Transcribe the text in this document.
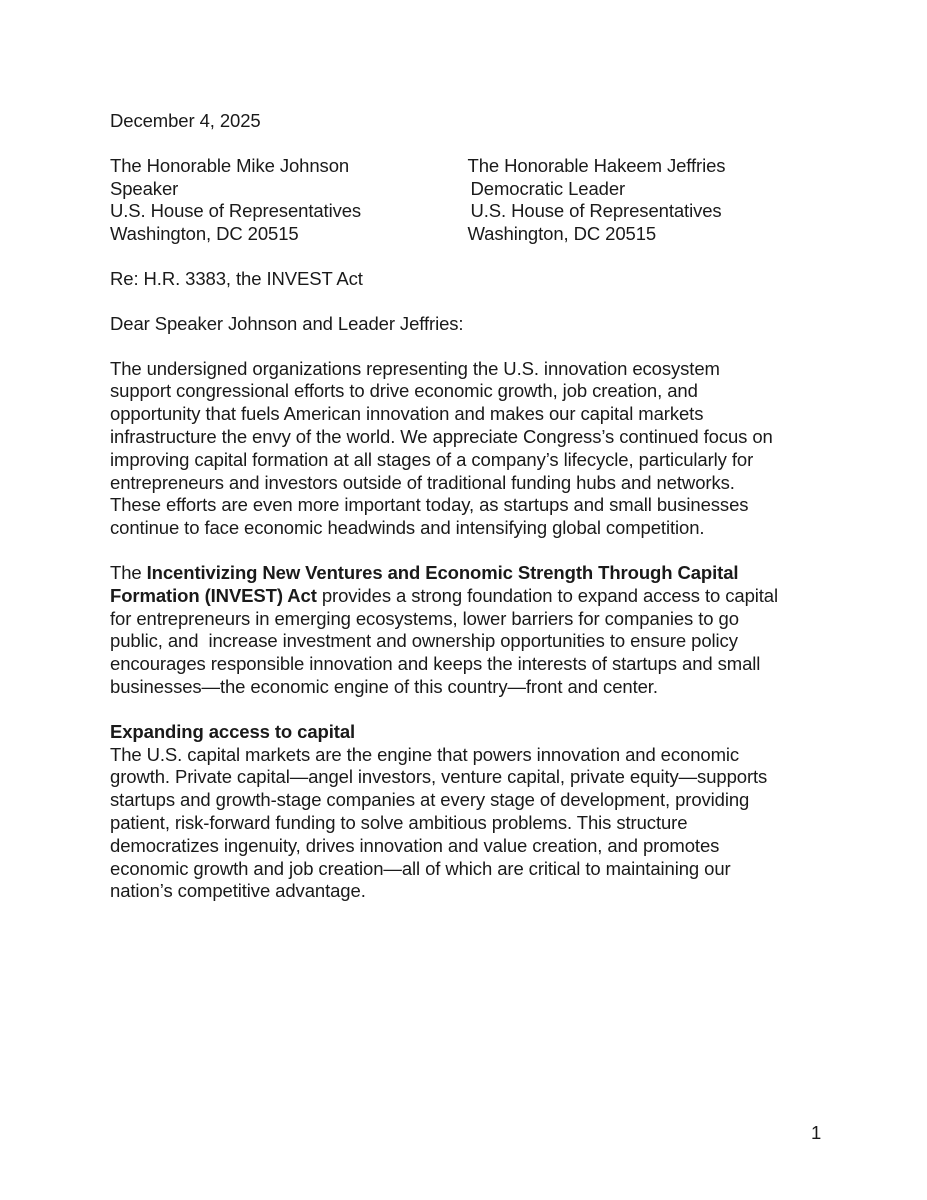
December 4, 2025
The Honorable Mike Johnson
Speaker
U.S. House of Representatives
Washington, DC 20515
The Honorable Hakeem Jeffries
Democratic Leader
U.S. House of Representatives
Washington, DC 20515
Re: H.R. 3383, the INVEST Act
Dear Speaker Johnson and Leader Jeffries:
The undersigned organizations representing the U.S. innovation ecosystem
support congressional efforts to drive economic growth, job creation, and
opportunity that fuels American innovation and makes our capital markets
infrastructure the envy of the world. We appreciate Congress’s continued focus on
improving capital formation at all stages of a company’s lifecycle, particularly for
entrepreneurs and investors outside of traditional funding hubs and networks.
These efforts are even more important today, as startups and small businesses
continue to face economic headwinds and intensifying global competition.
The Incentivizing New Ventures and Economic Strength Through Capital
Formation (INVEST) Act provides a strong foundation to expand access to capital
for entrepreneurs in emerging ecosystems, lower barriers for companies to go
public, and  increase investment and ownership opportunities to ensure policy
encourages responsible innovation and keeps the interests of startups and small
businesses—the economic engine of this country—front and center.
Expanding access to capital
The U.S. capital markets are the engine that powers innovation and economic
growth. Private capital—angel investors, venture capital, private equity—supports
startups and growth-stage companies at every stage of development, providing
patient, risk-forward funding to solve ambitious problems. This structure
democratizes ingenuity, drives innovation and value creation, and promotes
economic growth and job creation—all of which are critical to maintaining our
nation’s competitive advantage.
1
